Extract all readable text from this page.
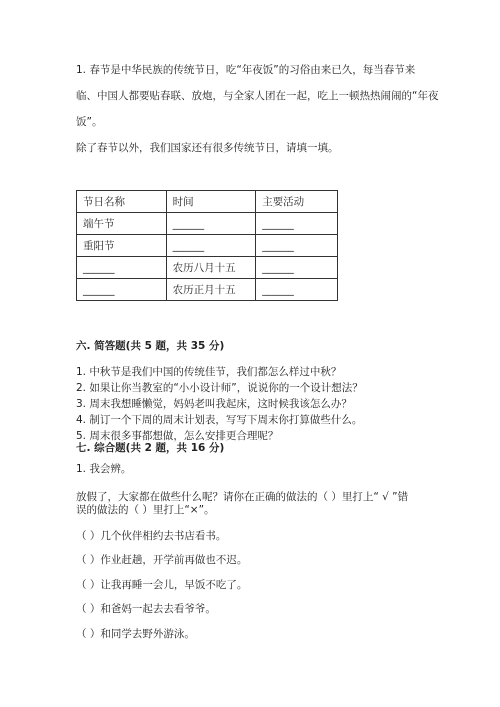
1. 春节是中华民族的传统节日，吃“年夜饭”的习俗由来已久，每当春节来

临、中国人都要贴春联、放炮，与全家人团在一起，吃上一顿热热闹闹的“年夜

饭”。

除了春节以外，我们国家还有很多传统节日，请填一填。

节日名称	时间	主要活动
端午节	______	______
重阳节	______	______
______	农历八月十五	______
______	农历正月十五	______

六. 简答题(共 5 题，共 35 分)

1. 中秋节是我们中国的传统佳节，我们都怎么样过中秋？

2. 如果让你当教室的“小小设计师”，说说你的一个设计想法？

3. 周末我想睡懒觉，妈妈老叫我起床，这时候我该怎么办？

4. 制订一个下周的周末计划表，写写下周末你打算做些什么。

5. 周末很多事都想做，怎么安排更合理呢？

七. 综合题(共 2 题，共 16 分)

1. 我会辨。

放假了，大家都在做些什么呢？请你在正确的做法的（ ）里打上“ √ ”错

误的做法的（ ）里打上“×”。

（ ）几个伙伴相约去书店看书。

（ ）作业赶趟，开学前再做也不迟。

（ ）让我再睡一会儿，早饭不吃了。

（ ）和爸妈一起去去看爷爷。

（ ）和同学去野外游泳。
